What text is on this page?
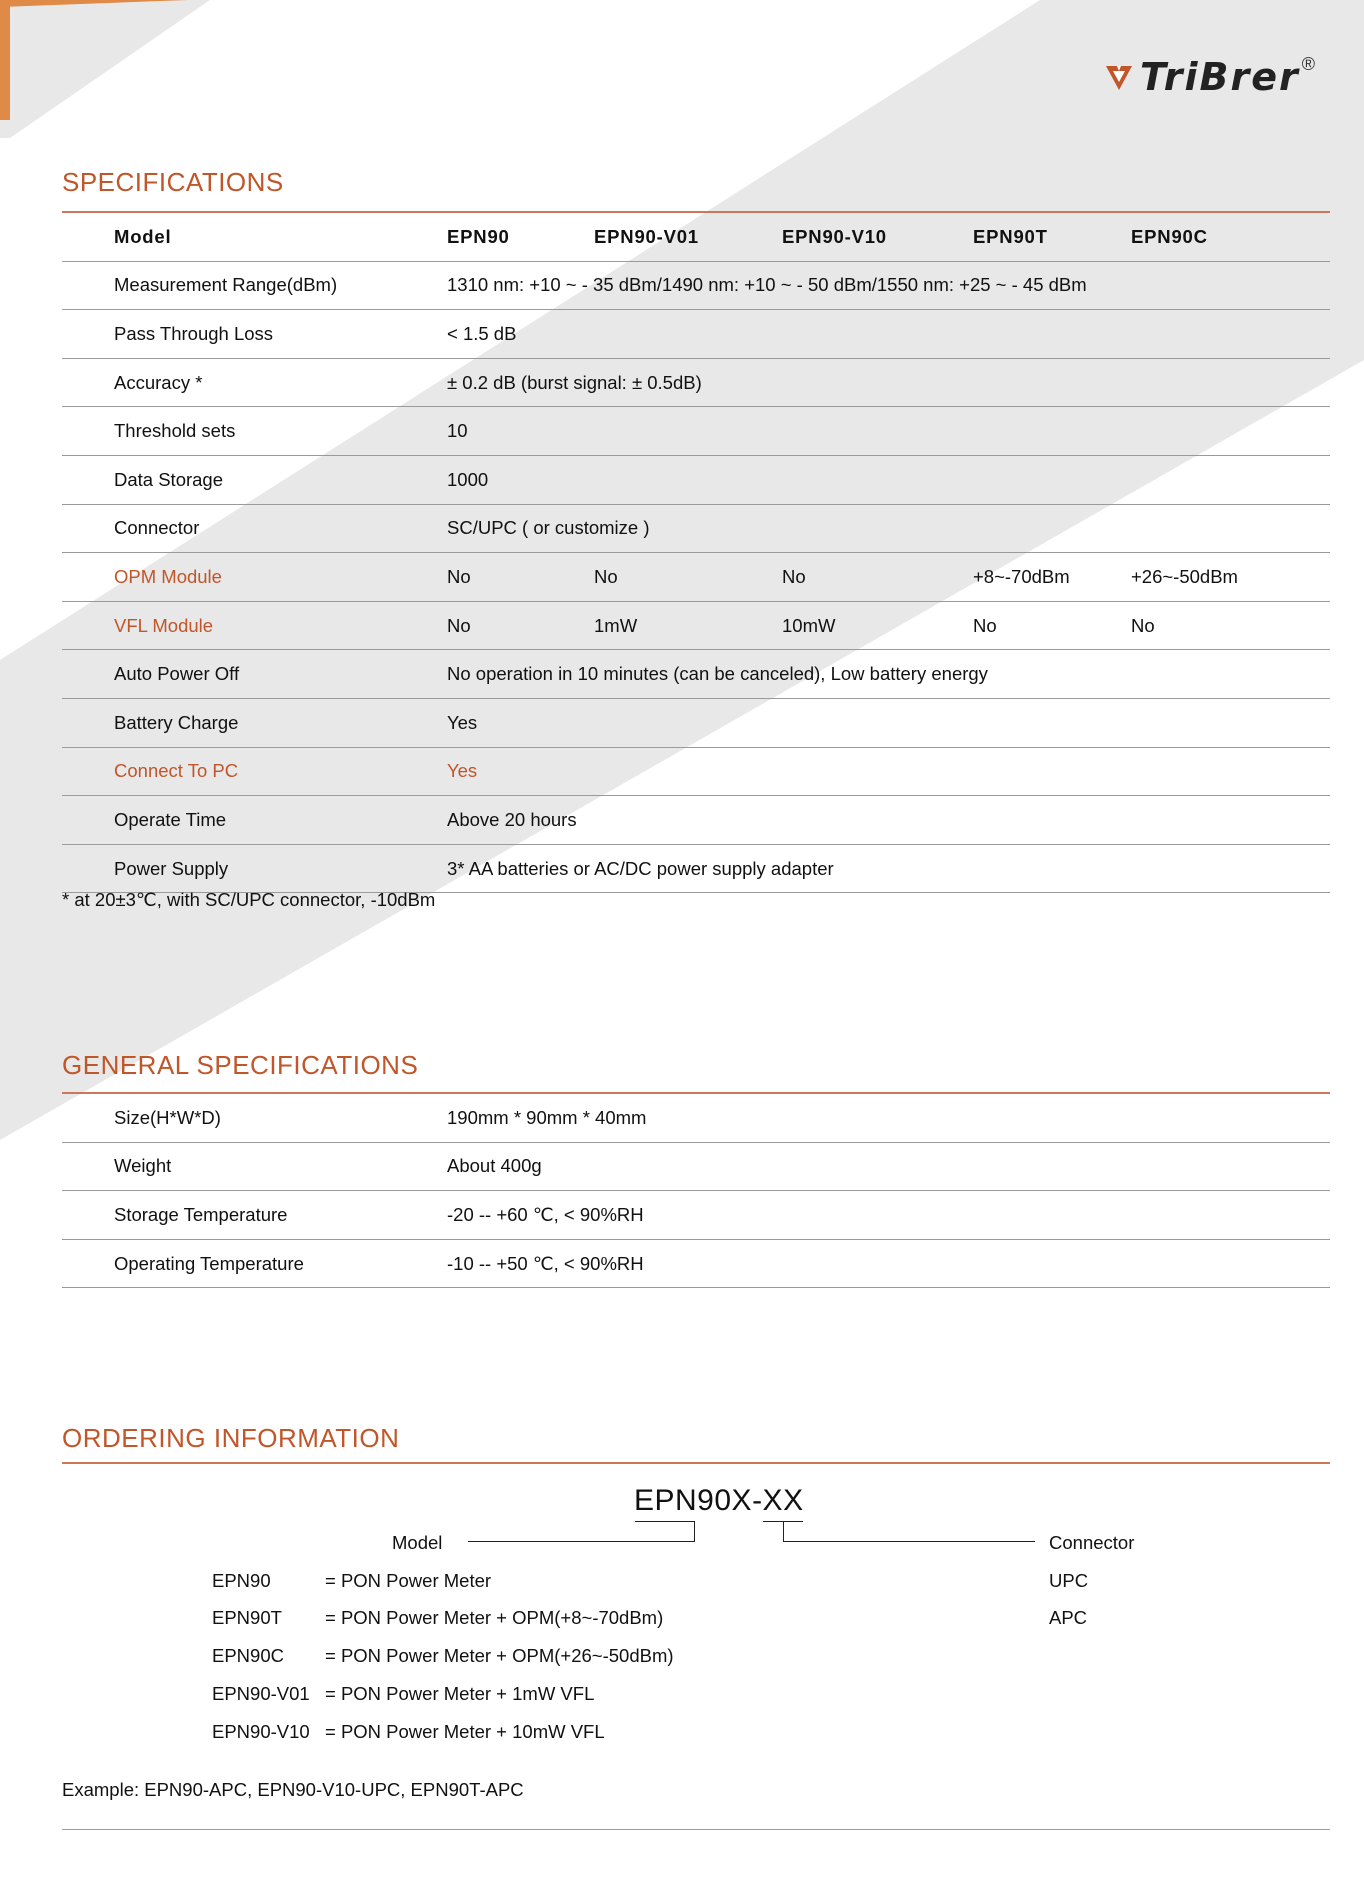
TriBrer ®
SPECIFICATIONS
Model	EPN90	EPN90-V01	EPN90-V10	EPN90T	EPN90C
Measurement Range(dBm)	1310 nm: +10 ~ - 35 dBm/1490 nm: +10 ~ - 50 dBm/1550 nm: +25 ~ - 45 dBm
Pass Through Loss	< 1.5 dB
Accuracy *	± 0.2 dB (burst signal: ± 0.5dB)
Threshold sets	10
Data Storage	1000
Connector	SC/UPC ( or customize )
OPM Module	No	No	No	+8~-70dBm	+26~-50dBm
VFL Module	No	1mW	10mW	No	No
Auto Power Off	No operation in 10 minutes (can be canceled), Low battery energy
Battery Charge	Yes
Connect To PC	Yes
Operate Time	Above 20 hours
Power Supply	3* AA batteries or AC/DC power supply adapter
* at 20±3℃, with SC/UPC connector, -10dBm
GENERAL SPECIFICATIONS
Size(H*W*D)	190mm * 90mm * 40mm
Weight	About 400g
Storage Temperature	-20 -- +60 ℃, < 90%RH
Operating Temperature	-10 -- +50 ℃, < 90%RH
ORDERING INFORMATION
EPN90X-XX
Model	Connector
EPN90	= PON Power Meter
EPN90T = PON Power Meter + OPM(+8~-70dBm)
EPN90C = PON Power Meter + OPM(+26~-50dBm)
EPN90-V01 = PON Power Meter + 1mW VFL
EPN90-V10 = PON Power Meter + 10mW VFL
UPC
APC
Example: EPN90-APC, EPN90-V10-UPC, EPN90T-APC
